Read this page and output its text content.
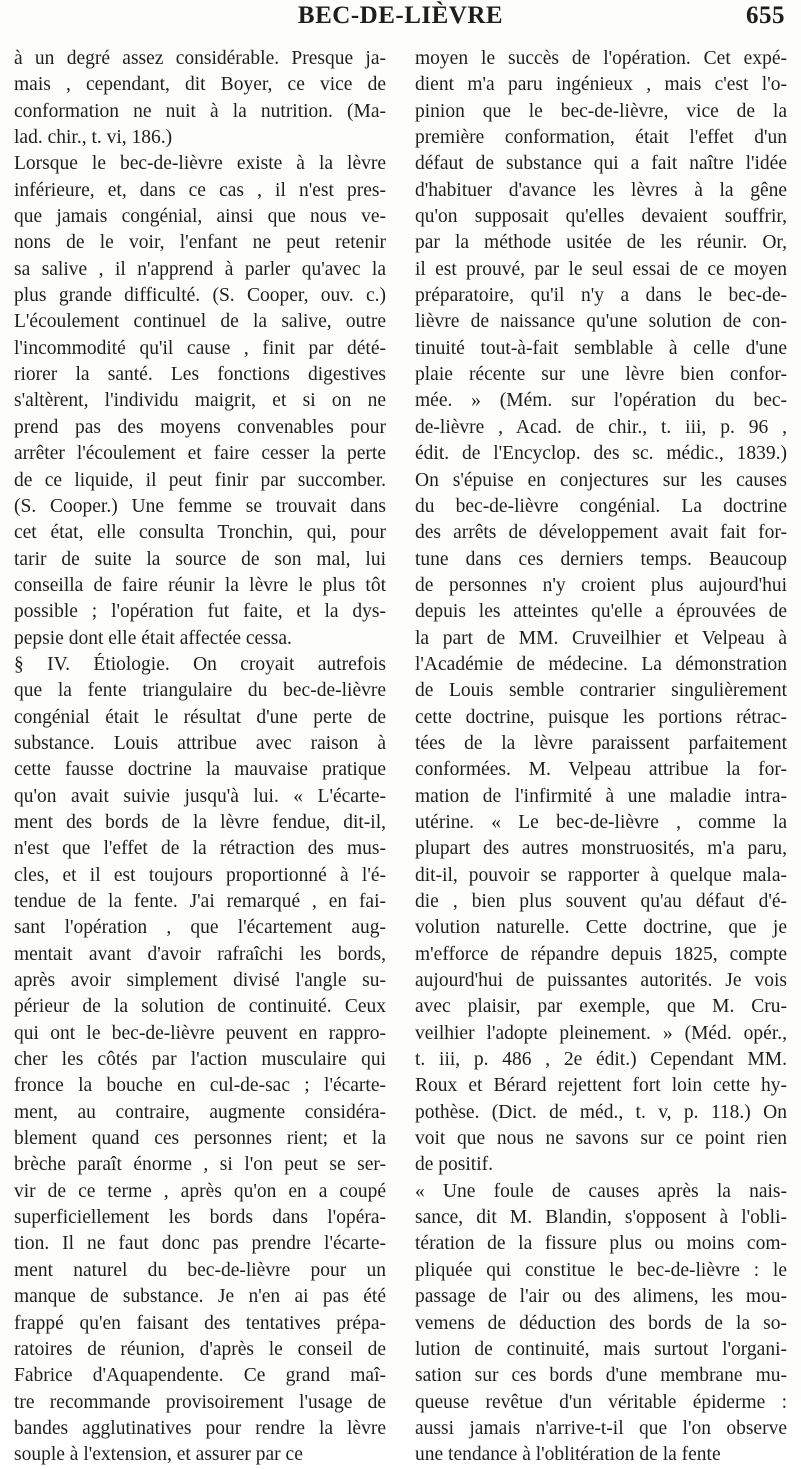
BEC-DE-LIÈVRE	655
à un degré assez considérable. Presque ja-
mais , cependant, dit Boyer, ce vice de
conformation ne nuit à la nutrition. (Ma-
lad. chir., t. vi, 186.)
Lorsque le bec-de-lièvre existe à la lèvre
inférieure, et, dans ce cas , il n'est pres-
que jamais congénial, ainsi que nous ve-
nons de le voir, l'enfant ne peut retenir
sa salive , il n'apprend à parler qu'avec la
plus grande difficulté. (S. Cooper, ouv. c.)
L'écoulement continuel de la salive, outre
l'incommodité qu'il cause , finit par dété-
riorer la santé. Les fonctions digestives
s'altèrent, l'individu maigrit, et si on ne
prend pas des moyens convenables pour
arrêter l'écoulement et faire cesser la perte
de ce liquide, il peut finir par succomber.
(S. Cooper.) Une femme se trouvait dans
cet état, elle consulta Tronchin, qui, pour
tarir de suite la source de son mal, lui
conseilla de faire réunir la lèvre le plus tôt
possible ; l'opération fut faite, et la dys-
pepsie dont elle était affectée cessa.
§ IV. Étiologie. On croyait autrefois
que la fente triangulaire du bec-de-lièvre
congénial était le résultat d'une perte de
substance. Louis attribue avec raison à
cette fausse doctrine la mauvaise pratique
qu'on avait suivie jusqu'à lui. « L'écarte-
ment des bords de la lèvre fendue, dit-il,
n'est que l'effet de la rétraction des mus-
cles, et il est toujours proportionné à l'é-
tendue de la fente. J'ai remarqué , en fai-
sant l'opération , que l'écartement aug-
mentait avant d'avoir rafraîchi les bords,
après avoir simplement divisé l'angle su-
périeur de la solution de continuité. Ceux
qui ont le bec-de-lièvre peuvent en rappro-
cher les côtés par l'action musculaire qui
fronce la bouche en cul-de-sac ; l'écarte-
ment, au contraire, augmente considéra-
blement quand ces personnes rient; et la
brèche paraît énorme , si l'on peut se ser-
vir de ce terme , après qu'on en a coupé
superficiellement les bords dans l'opéra-
tion. Il ne faut donc pas prendre l'écarte-
ment naturel du bec-de-lièvre pour un
manque de substance. Je n'en ai pas été
frappé qu'en faisant des tentatives prépa-
ratoires de réunion, d'après le conseil de
Fabrice d'Aquapendente. Ce grand maî-
tre recommande provisoirement l'usage de
bandes agglutinatives pour rendre la lèvre
souple à l'extension, et assurer par ce
moyen le succès de l'opération. Cet expé-
dient m'a paru ingénieux , mais c'est l'o-
pinion que le bec-de-lièvre, vice de la
première conformation, était l'effet d'un
défaut de substance qui a fait naître l'idée
d'habituer d'avance les lèvres à la gêne
qu'on supposait qu'elles devaient souffrir,
par la méthode usitée de les réunir. Or,
il est prouvé, par le seul essai de ce moyen
préparatoire, qu'il n'y a dans le bec-de-
lièvre de naissance qu'une solution de con-
tinuité tout-à-fait semblable à celle d'une
plaie récente sur une lèvre bien confor-
mée. » (Mém. sur l'opération du bec-
de-lièvre , Acad. de chir., t. iii, p. 96 ,
édit. de l'Encyclop. des sc. médic., 1839.)
On s'épuise en conjectures sur les causes
du bec-de-lièvre congénial. La doctrine
des arrêts de développement avait fait for-
tune dans ces derniers temps. Beaucoup
de personnes n'y croient plus aujourd'hui
depuis les atteintes qu'elle a éprouvées de
la part de MM. Cruveilhier et Velpeau à
l'Académie de médecine. La démonstration
de Louis semble contrarier singulièrement
cette doctrine, puisque les portions rétrac-
tées de la lèvre paraissent parfaitement
conformées. M. Velpeau attribue la for-
mation de l'infirmité à une maladie intra-
utérine. « Le bec-de-lièvre , comme la
plupart des autres monstruosités, m'a paru,
dit-il, pouvoir se rapporter à quelque mala-
die , bien plus souvent qu'au défaut d'é-
volution naturelle. Cette doctrine, que je
m'efforce de répandre depuis 1825, compte
aujourd'hui de puissantes autorités. Je vois
avec plaisir, par exemple, que M. Cru-
veilhier l'adopte pleinement. » (Méd. opér.,
t. iii, p. 486 , 2e édit.) Cependant MM.
Roux et Bérard rejettent fort loin cette hy-
pothèse. (Dict. de méd., t. v, p. 118.) On
voit que nous ne savons sur ce point rien
de positif.
« Une foule de causes après la nais-
sance, dit M. Blandin, s'opposent à l'obli-
tération de la fissure plus ou moins com-
pliquée qui constitue le bec-de-lièvre : le
passage de l'air ou des alimens, les mou-
vemens de déduction des bords de la so-
lution de continuité, mais surtout l'organi-
sation sur ces bords d'une membrane mu-
queuse revêtue d'un véritable épiderme :
aussi jamais n'arrive-t-il que l'on observe
une tendance à l'oblitération de la fente
